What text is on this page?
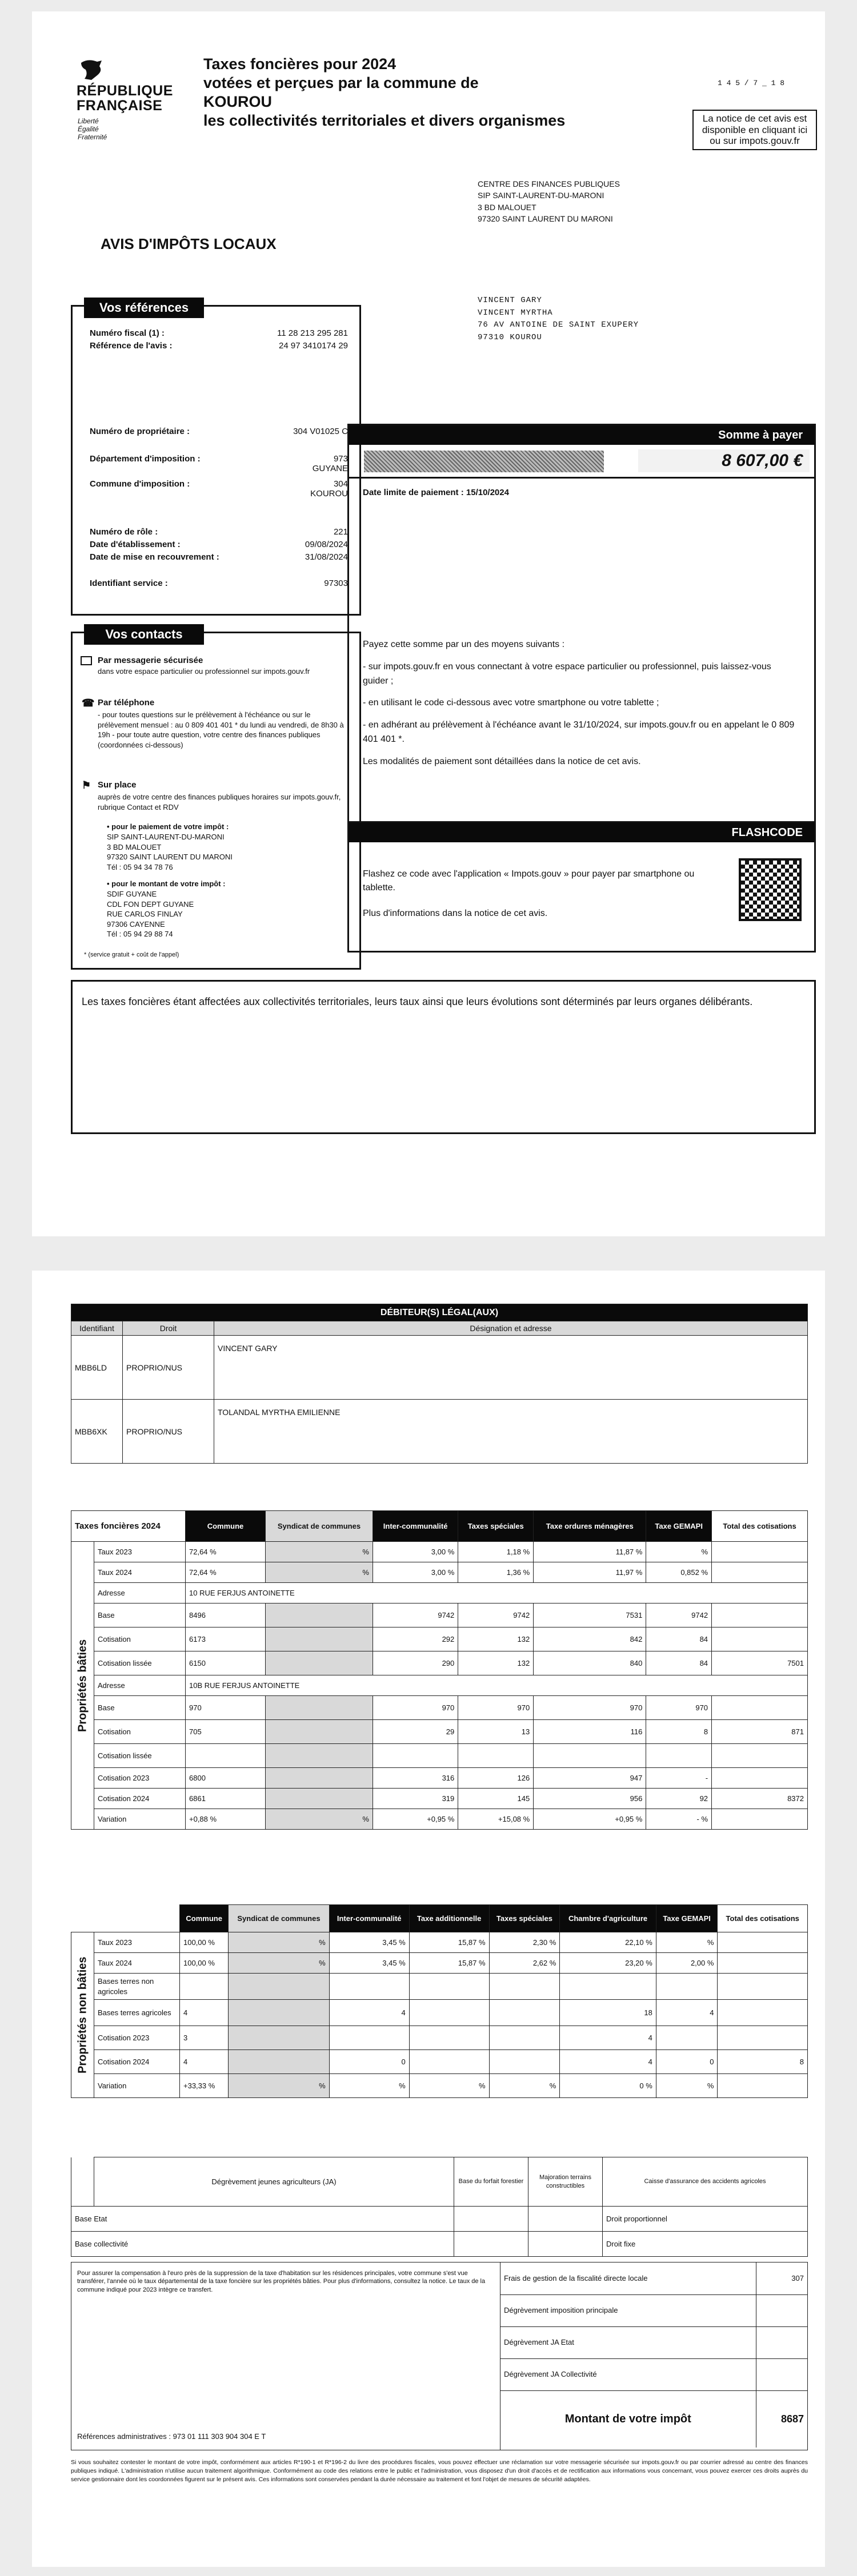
RÉPUBLIQUE
FRANÇAISE
Liberté
Égalité
Fraternité
Taxes foncières pour 2024
votées et perçues par la commune de
KOUROU
les collectivités territoriales et divers organismes
1 4 5 / 7 _ 1 8
La notice de cet avis est disponible en cliquant ici ou sur impots.gouv.fr
CENTRE DES FINANCES PUBLIQUES
SIP SAINT-LAURENT-DU-MARONI
3 BD MALOUET
97320 SAINT LAURENT DU MARONI
AVIS D'IMPÔTS LOCAUX
VINCENT GARY
VINCENT MYRTHA
76 AV ANTOINE DE SAINT EXUPERY
97310 KOUROU
Vos références
Numéro fiscal (1) :	11 28 213 295 281
Référence de l'avis :	24 97 3410174 29
Numéro de propriétaire :	304 V01025 C
Département d'imposition :	973
GUYANE
Commune d'imposition :	304
KOUROU
Numéro de rôle :	221
Date d'établissement :	09/08/2024
Date de mise en recouvrement :	31/08/2024
Identifiant service :	97303
Vos contacts
Par messagerie sécurisée
dans votre espace particulier ou professionnel sur impots.gouv.fr
☎ Par téléphone
- pour toutes questions sur le prélèvement à l'échéance ou sur le prélèvement mensuel : au 0 809 401 401 * du lundi au vendredi, de 8h30 à 19h - pour toute autre question, votre centre des finances publiques (coordonnées ci-dessous)
⚑ Sur place
auprès de votre centre des finances publiques horaires sur impots.gouv.fr, rubrique Contact et RDV
• pour le paiement de votre impôt :
SIP SAINT-LAURENT-DU-MARONI
3 BD MALOUET
97320 SAINT LAURENT DU MARONI
Tél : 05 94 34 78 76
• pour le montant de votre impôt :
SDIF GUYANE
CDL FON DEPT GUYANE
RUE CARLOS FINLAY
97306 CAYENNE
Tél : 05 94 29 88 74
* (service gratuit + coût de l'appel)
Somme à payer
8 607,00 €
Date limite de paiement : 15/10/2024
Payez cette somme par un des moyens suivants :
- sur impots.gouv.fr en vous connectant à votre espace particulier ou professionnel, puis laissez-vous guider ;
- en utilisant le code ci-dessous avec votre smartphone ou votre tablette ;
- en adhérant au prélèvement à l'échéance avant le 31/10/2024, sur impots.gouv.fr ou en appelant le 0 809 401 401 *.
Les modalités de paiement sont détaillées dans la notice de cet avis.
FLASHCODE
Flashez ce code avec l'application « Impots.gouv » pour payer par smartphone ou tablette.
Plus d'informations dans la notice de cet avis.
Les taxes foncières étant affectées aux collectivités territoriales, leurs taux ainsi que leurs évolutions sont déterminés par leurs organes délibérants.
DÉBITEUR(S) LÉGAL(AUX)		
Identifiant	Droit	Désignation et adresse
MBB6LD	PROPRIO/NUS	VINCENT GARY
MBB6XK	PROPRIO/NUS	TOLANDAL MYRTHA EMILIENNE
Taxes foncières 2024		Commune	Syndicat de communes	Inter-communalité	Taxes spéciales	Taxe ordures ménagères	Taxe GEMAPI	Total des cotisations
Propriétés bâties	Taux 2023	72,64 %	%	3,00 %	1,18 %	11,87 %	%	
	Taux 2024	72,64 %	%	3,00 %	1,36 %	11,97 %	0,852 %	
	Adresse	10 RUE FERJUS ANTOINETTE						
	Base	8496		9742	9742	7531	9742	
	Cotisation	6173		292	132	842	84	
	Cotisation lissée	6150		290	132	840	84	7501
	Adresse	10B RUE FERJUS ANTOINETTE						
	Base	970		970	970	970	970	
	Cotisation	705		29	13	116	8	871
	Cotisation lissée							
	Cotisation 2023	6800		316	126	947	-	
	Cotisation 2024	6861		319	145	956	92	8372
	Variation	+0,88 %	%	+0,95 %	+15,08 %	+0,95 %	- %	
		Commune	Syndicat de communes	Inter-communalité	Taxe additionnelle	Taxes spéciales	Chambre d'agriculture	Taxe GEMAPI	Total des cotisations
Propriétés non bâties	Taux 2023	100,00 %	%	3,45 %	15,87 %	2,30 %	22,10 %	%	
	Taux 2024	100,00 %	%	3,45 %	15,87 %	2,62 %	23,20 %	2,00 %	
	Bases terres non agricoles								
	Bases terres agricoles	4		4			18	4	
	Cotisation 2023	3					4		
	Cotisation 2024	4		0			4	0	8
	Variation	+33,33 %	%	%	%	%	0 %	%	
	Dégrèvement jeunes agriculteurs (JA)	Base du forfait forestier	Majoration terrains constructibles	Caisse d'assurance des accidents agricoles
Base Etat				Droit proportionnel
Base collectivité				Droit fixe
Pour assurer la compensation à l'euro près de la suppression de la taxe d'habitation sur les résidences principales, votre commune s'est vue transférer, l'année où le taux départemental de la taxe foncière sur les propriétés bâties. Pour plus d'informations, consultez la notice. Le taux de la commune indiqué pour 2023 intègre ce transfert.
Références administratives : 973 01 111 303 904 304 E T
Frais de gestion de la fiscalité directe locale	307
Dégrèvement imposition principale	
Dégrèvement JA Etat	
Dégrèvement JA Collectivité	
Montant de votre impôt	8687
Si vous souhaitez contester le montant de votre impôt, conformément aux articles R*190-1 et R*196-2 du livre des procédures fiscales, vous pouvez effectuer une réclamation sur votre messagerie sécurisée sur impots.gouv.fr ou par courrier adressé au centre des finances publiques indiqué. L'administration n'utilise aucun traitement algorithmique. Conformément au code des relations entre le public et l'administration, vous disposez d'un droit d'accès et de rectification aux informations vous concernant, vous pouvez exercer ces droits auprès du service gestionnaire dont les coordonnées figurent sur le présent avis. Ces informations sont conservées pendant la durée nécessaire au traitement et font l'objet de mesures de sécurité adaptées.
